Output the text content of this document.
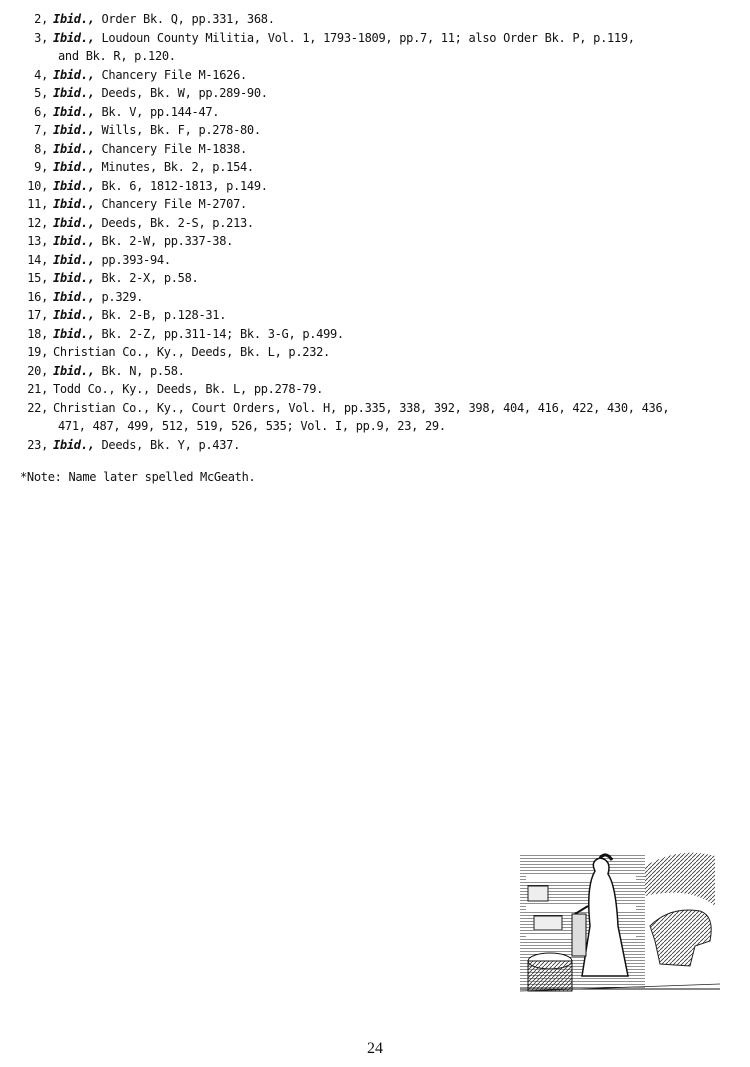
2, Ibid., Order Bk. Q, pp.331, 368.
3, Ibid., Loudoun County Militia, Vol. 1, 1793-1809, pp.7, 11; also Order Bk. P, p.119,
and Bk. R, p.120.
4, Ibid., Chancery File M-1626.
5, Ibid., Deeds, Bk. W, pp.289-90.
6, Ibid., Bk. V, pp.144-47.
7, Ibid., Wills, Bk. F, p.278-80.
8, Ibid., Chancery File M-1838.
9, Ibid., Minutes, Bk. 2, p.154.
10, Ibid., Bk. 6, 1812-1813, p.149.
11, Ibid., Chancery File M-2707.
12, Ibid., Deeds, Bk. 2-S, p.213.
13, Ibid., Bk. 2-W, pp.337-38.
14, Ibid., pp.393-94.
15, Ibid., Bk. 2-X, p.58.
16, Ibid., p.329.
17, Ibid., Bk. 2-B, p.128-31.
18, Ibid., Bk. 2-Z, pp.311-14; Bk. 3-G, p.499.
19, Christian Co., Ky., Deeds, Bk. L, p.232.
20, Ibid., Bk. N, p.58.
21, Todd Co., Ky., Deeds, Bk. L, pp.278-79.
22, Christian Co., Ky., Court Orders, Vol. H, pp.335, 338, 392, 398, 404, 416, 422, 430, 436,
471, 487, 499, 512, 519, 526, 535; Vol. I, pp.9, 23, 29.
23, Ibid., Deeds, Bk. Y, p.437.
*Note: Name later spelled McGeath.
24
